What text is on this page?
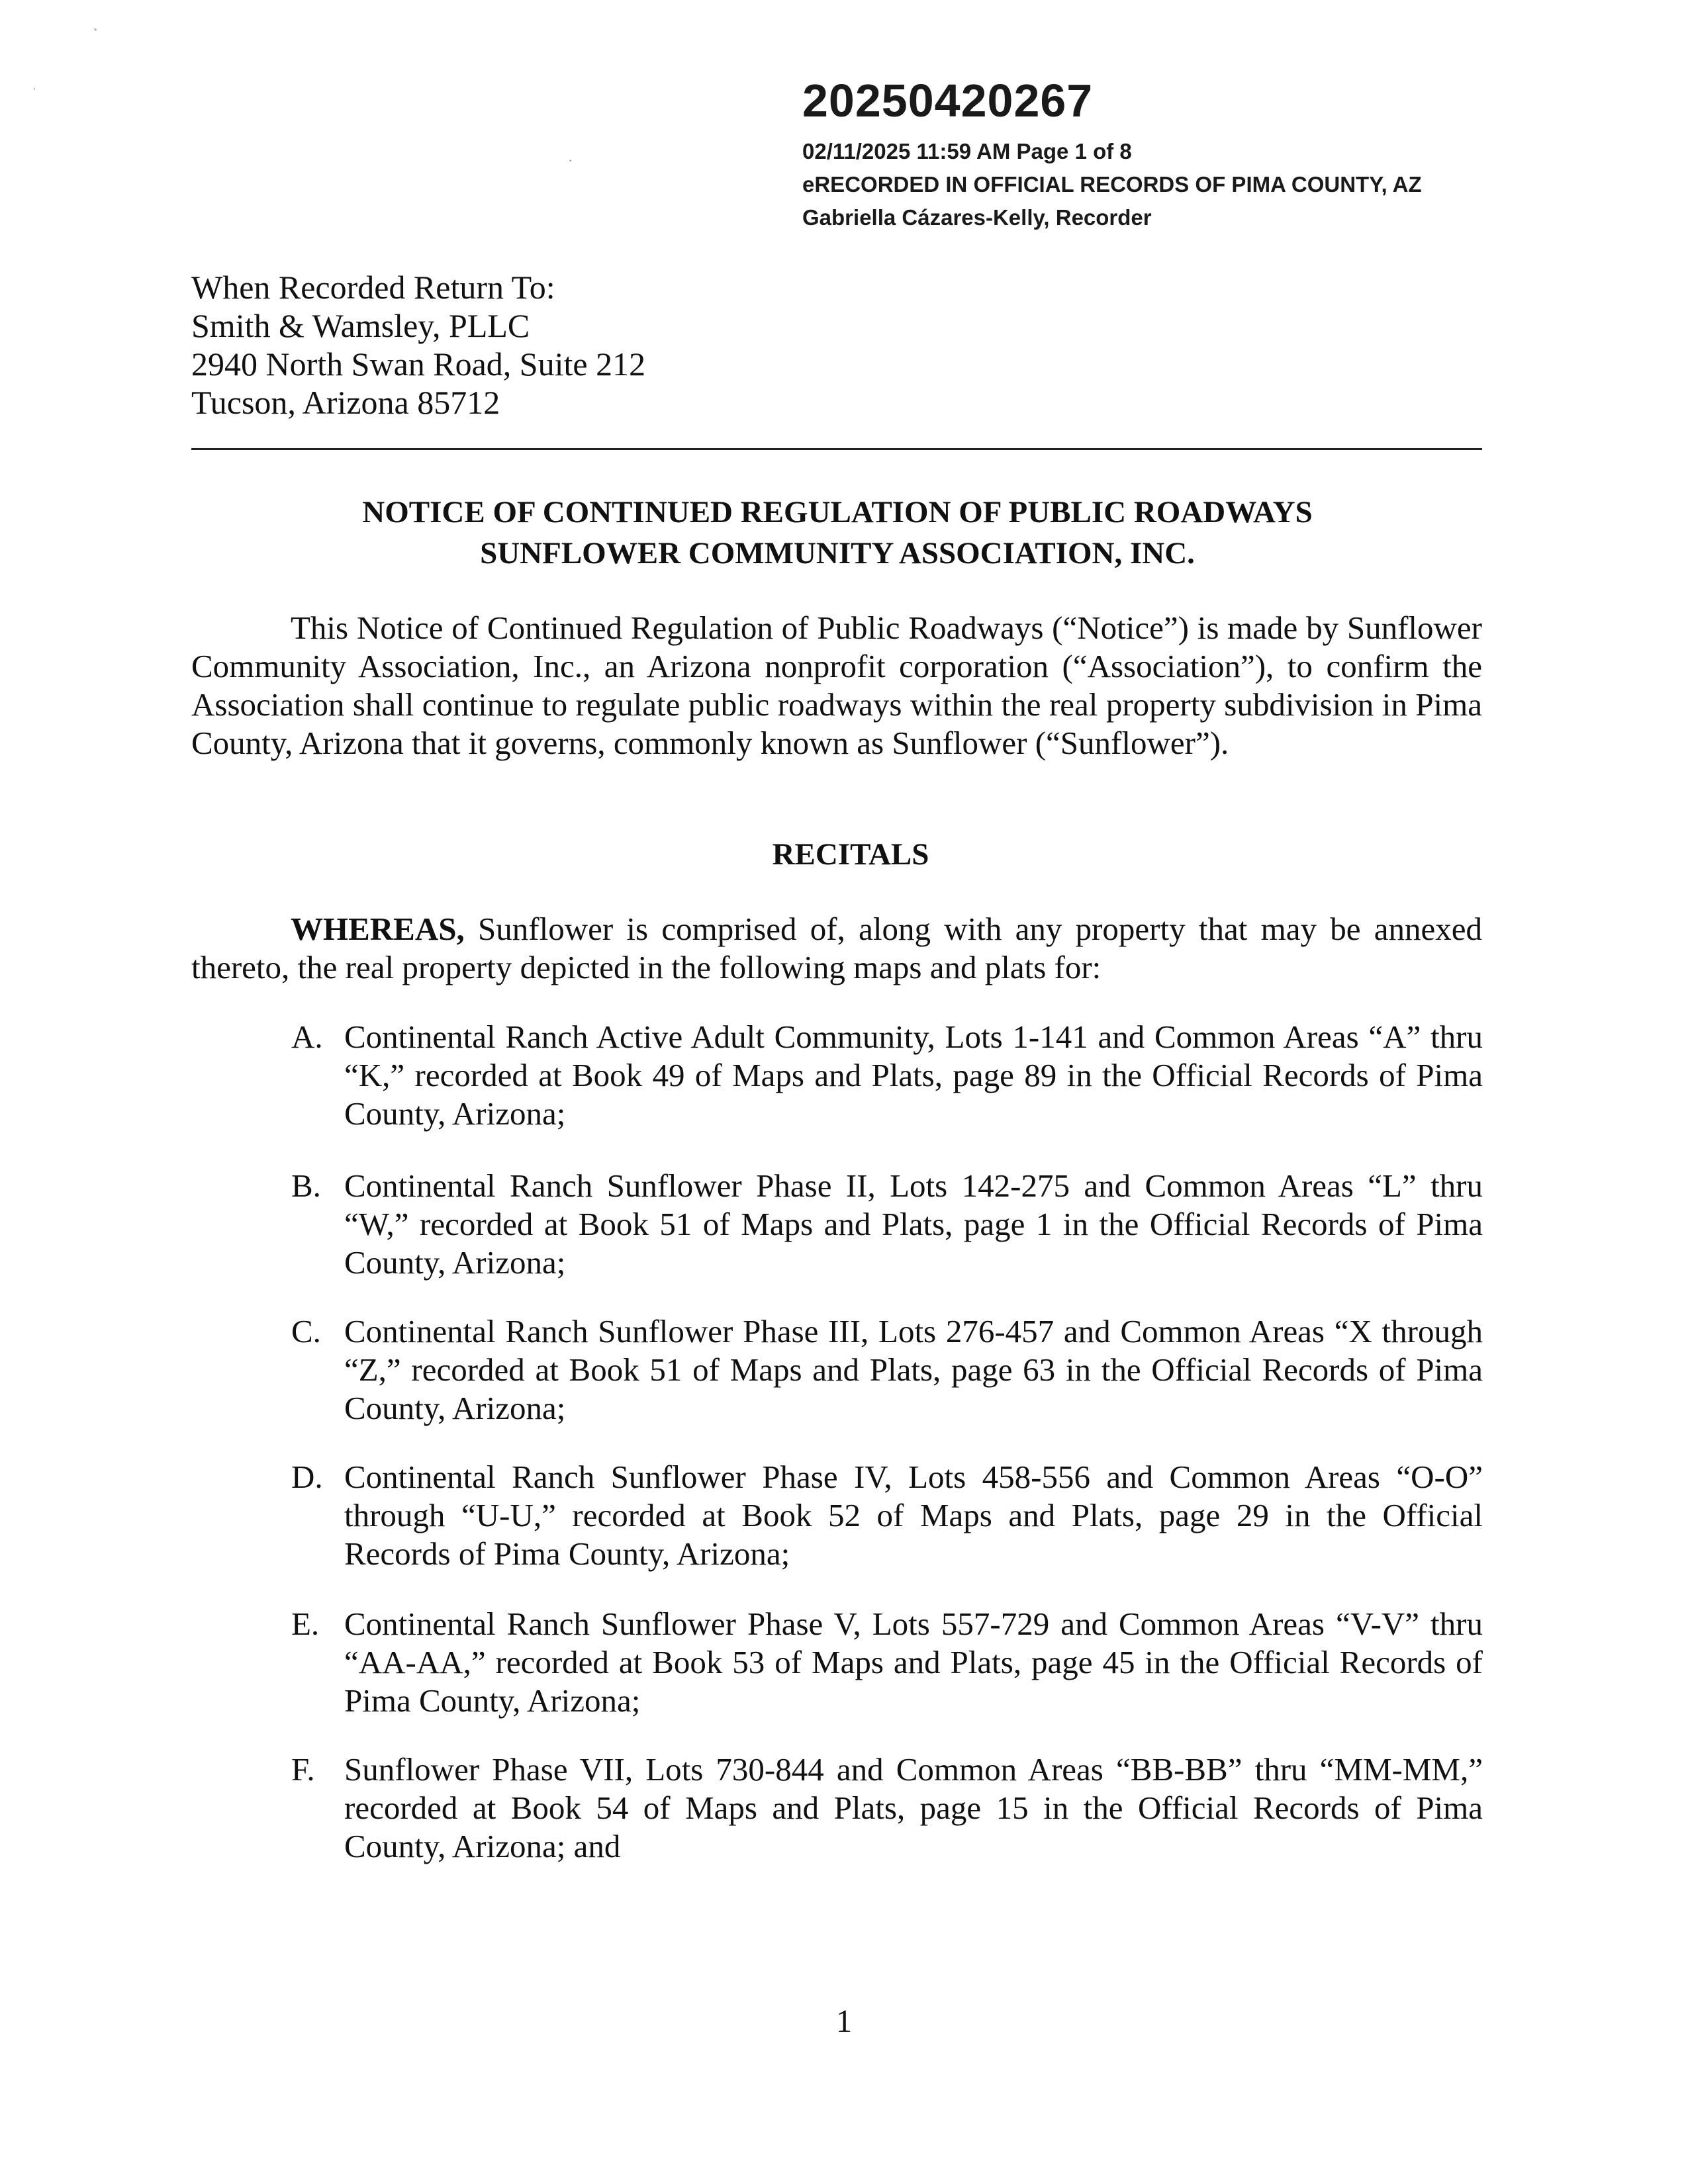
20250420267
02/11/2025 11:59 AM Page 1 of 8
eRECORDED IN OFFICIAL RECORDS OF PIMA COUNTY, AZ
Gabriella Cázares-Kelly, Recorder
When Recorded Return To:
Smith & Wamsley, PLLC
2940 North Swan Road, Suite 212
Tucson, Arizona 85712
NOTICE OF CONTINUED REGULATION OF PUBLIC ROADWAYS
SUNFLOWER COMMUNITY ASSOCIATION, INC.
This Notice of Continued Regulation of Public Roadways (“Notice”) is made by Sunflower Community Association, Inc., an Arizona nonprofit corporation (“Association”), to confirm the Association shall continue to regulate public roadways within the real property subdivision in Pima County, Arizona that it governs, commonly known as Sunflower (“Sunflower”).
RECITALS
WHEREAS, Sunflower is comprised of, along with any property that may be annexed thereto, the real property depicted in the following maps and plats for:
A. Continental Ranch Active Adult Community, Lots 1-141 and Common Areas “A” thru “K,” recorded at Book 49 of Maps and Plats, page 89 in the Official Records of Pima County, Arizona;
B. Continental Ranch Sunflower Phase II, Lots 142-275 and Common Areas “L” thru “W,” recorded at Book 51 of Maps and Plats, page 1 in the Official Records of Pima County, Arizona;
C. Continental Ranch Sunflower Phase III, Lots 276-457 and Common Areas “X through “Z,” recorded at Book 51 of Maps and Plats, page 63 in the Official Records of Pima County, Arizona;
D. Continental Ranch Sunflower Phase IV, Lots 458-556 and Common Areas “O-O” through “U-U,” recorded at Book 52 of Maps and Plats, page 29 in the Official Records of Pima County, Arizona;
E. Continental Ranch Sunflower Phase V, Lots 557-729 and Common Areas “V-V” thru “AA-AA,” recorded at Book 53 of Maps and Plats, page 45 in the Official Records of Pima County, Arizona;
F. Sunflower Phase VII, Lots 730-844 and Common Areas “BB-BB” thru “MM-MM,” recorded at Book 54 of Maps and Plats, page 15 in the Official Records of Pima County, Arizona; and
1
˺
ˈ
·
